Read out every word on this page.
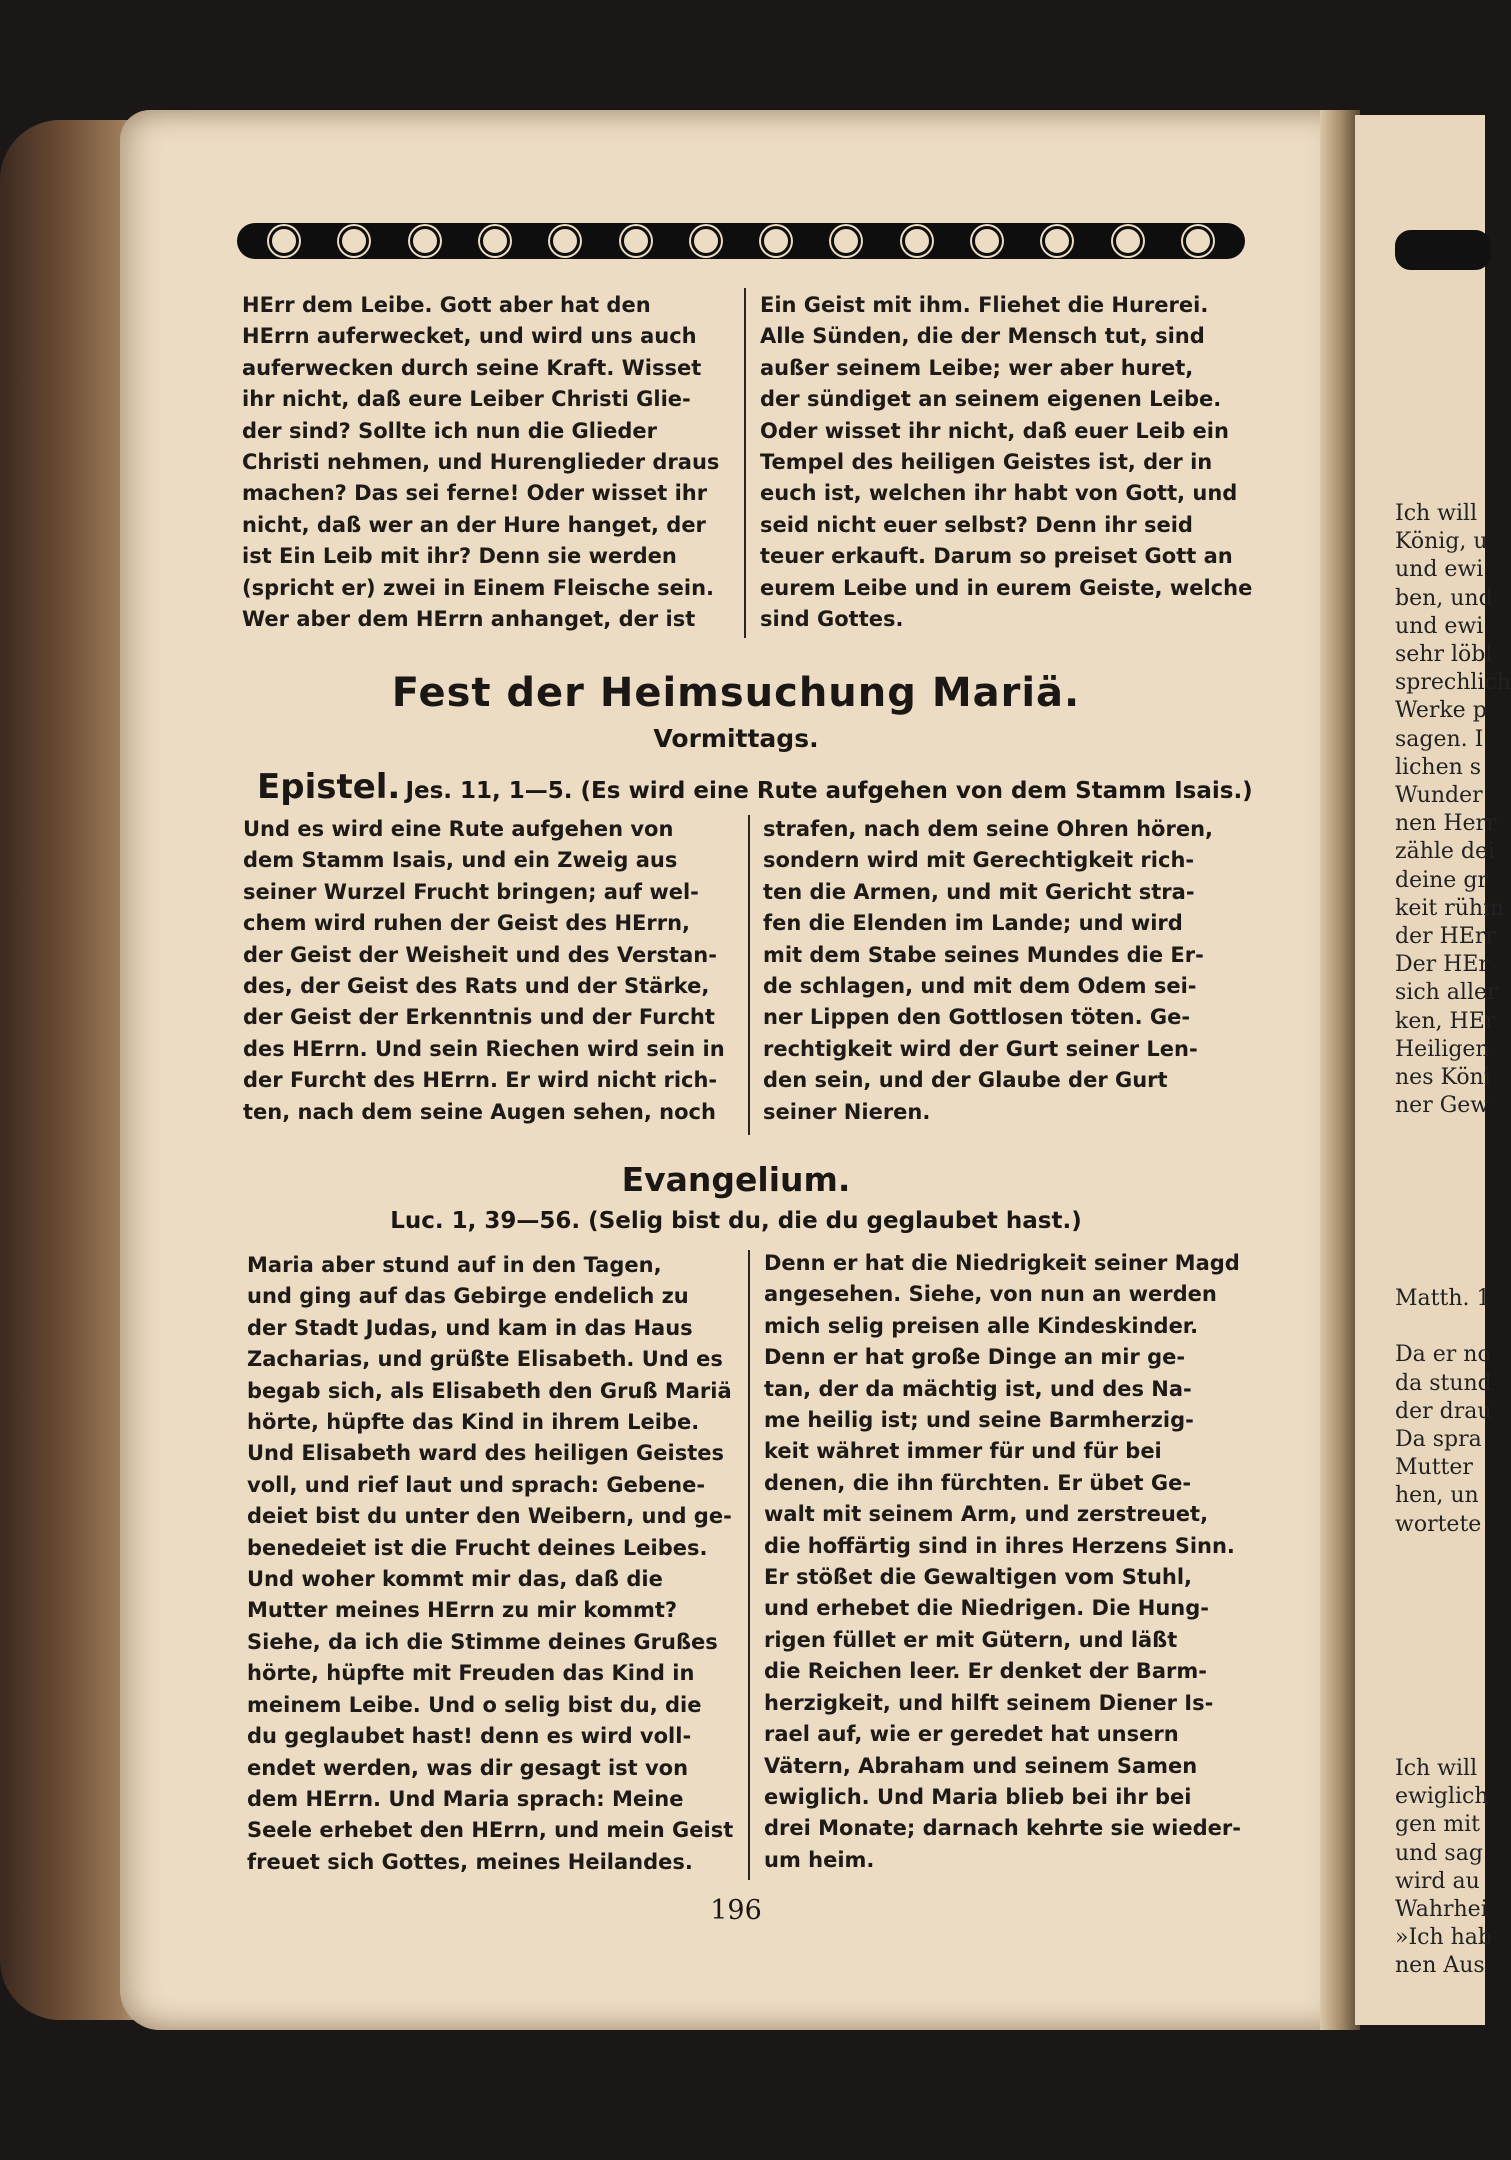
Ich will
König, u
und ewi
ben, und
und ewi
sehr löbl
sprechlich
Werke p
sagen. I
lichen s
Wunder
nen Herr
zähle dei
deine gr
keit rühm
der HErr
Der HEr
sich aller
ken, HEr
Heiligen
nes Köni
ner Gew
Matth. 1

Da er no
da stund
der drau
Da spra
Mutter
hen, un
wortete
Ich will
ewiglich
gen mit
und sag
wird au
Wahrhei
»Ich hab
nen Aus

HErr dem Leibe. Gott aber hat den

HErrn auferwecket, und wird uns auch

auferwecken durch seine Kraft. Wisset

ihr nicht, daß eure Leiber Christi Glie-

der sind? Sollte ich nun die Glieder

Christi nehmen, und Hurenglieder draus

machen? Das sei ferne! Oder wisset ihr

nicht, daß wer an der Hure hanget, der

ist Ein Leib mit ihr? Denn sie werden

(spricht er) zwei in Einem Fleische sein.

Wer aber dem HErrn anhanget, der ist

Ein Geist mit ihm. Fliehet die Hurerei.

Alle Sünden, die der Mensch tut, sind

außer seinem Leibe; wer aber huret,

der sündiget an seinem eigenen Leibe.

Oder wisset ihr nicht, daß euer Leib ein

Tempel des heiligen Geistes ist, der in

euch ist, welchen ihr habt von Gott, und

seid nicht euer selbst? Denn ihr seid

teuer erkauft. Darum so preiset Gott an

eurem Leibe und in eurem Geiste, welche

sind Gottes.

Fest der Heimsuchung Mariä.
Vormittags.
Epistel. Jes. 11, 1—5. (Es wird eine Rute aufgehen von dem Stamm Isais.)

Und es wird eine Rute aufgehen von

dem Stamm Isais, und ein Zweig aus

seiner Wurzel Frucht bringen; auf wel-

chem wird ruhen der Geist des HErrn,

der Geist der Weisheit und des Verstan-

des, der Geist des Rats und der Stärke,

der Geist der Erkenntnis und der Furcht

des HErrn. Und sein Riechen wird sein in

der Furcht des HErrn. Er wird nicht rich-

ten, nach dem seine Augen sehen, noch

strafen, nach dem seine Ohren hören,

sondern wird mit Gerechtigkeit rich-

ten die Armen, und mit Gericht stra-

fen die Elenden im Lande; und wird

mit dem Stabe seines Mundes die Er-

de schlagen, und mit dem Odem sei-

ner Lippen den Gottlosen töten. Ge-

rechtigkeit wird der Gurt seiner Len-

den sein, und der Glaube der Gurt

seiner Nieren.

Evangelium.
Luc. 1, 39—56. (Selig bist du, die du geglaubet hast.)

Maria aber stund auf in den Tagen,

und ging auf das Gebirge endelich zu

der Stadt Judas, und kam in das Haus

Zacharias, und grüßte Elisabeth. Und es

begab sich, als Elisabeth den Gruß Mariä

hörte, hüpfte das Kind in ihrem Leibe.

Und Elisabeth ward des heiligen Geistes

voll, und rief laut und sprach: Gebene-

deiet bist du unter den Weibern, und ge-

benedeiet ist die Frucht deines Leibes.

Und woher kommt mir das, daß die

Mutter meines HErrn zu mir kommt?

Siehe, da ich die Stimme deines Grußes

hörte, hüpfte mit Freuden das Kind in

meinem Leibe. Und o selig bist du, die

du geglaubet hast! denn es wird voll-

endet werden, was dir gesagt ist von

dem HErrn. Und Maria sprach: Meine

Seele erhebet den HErrn, und mein Geist

freuet sich Gottes, meines Heilandes.

Denn er hat die Niedrigkeit seiner Magd

angesehen. Siehe, von nun an werden

mich selig preisen alle Kindeskinder.

Denn er hat große Dinge an mir ge-

tan, der da mächtig ist, und des Na-

me heilig ist; und seine Barmherzig-

keit währet immer für und für bei

denen, die ihn fürchten. Er übet Ge-

walt mit seinem Arm, und zerstreuet,

die hoffärtig sind in ihres Herzens Sinn.

Er stößet die Gewaltigen vom Stuhl,

und erhebet die Niedrigen. Die Hung-

rigen füllet er mit Gütern, und läßt

die Reichen leer. Er denket der Barm-

herzigkeit, und hilft seinem Diener Is-

rael auf, wie er geredet hat unsern

Vätern, Abraham und seinem Samen

ewiglich. Und Maria blieb bei ihr bei

drei Monate; darnach kehrte sie wieder-

um heim.

196
